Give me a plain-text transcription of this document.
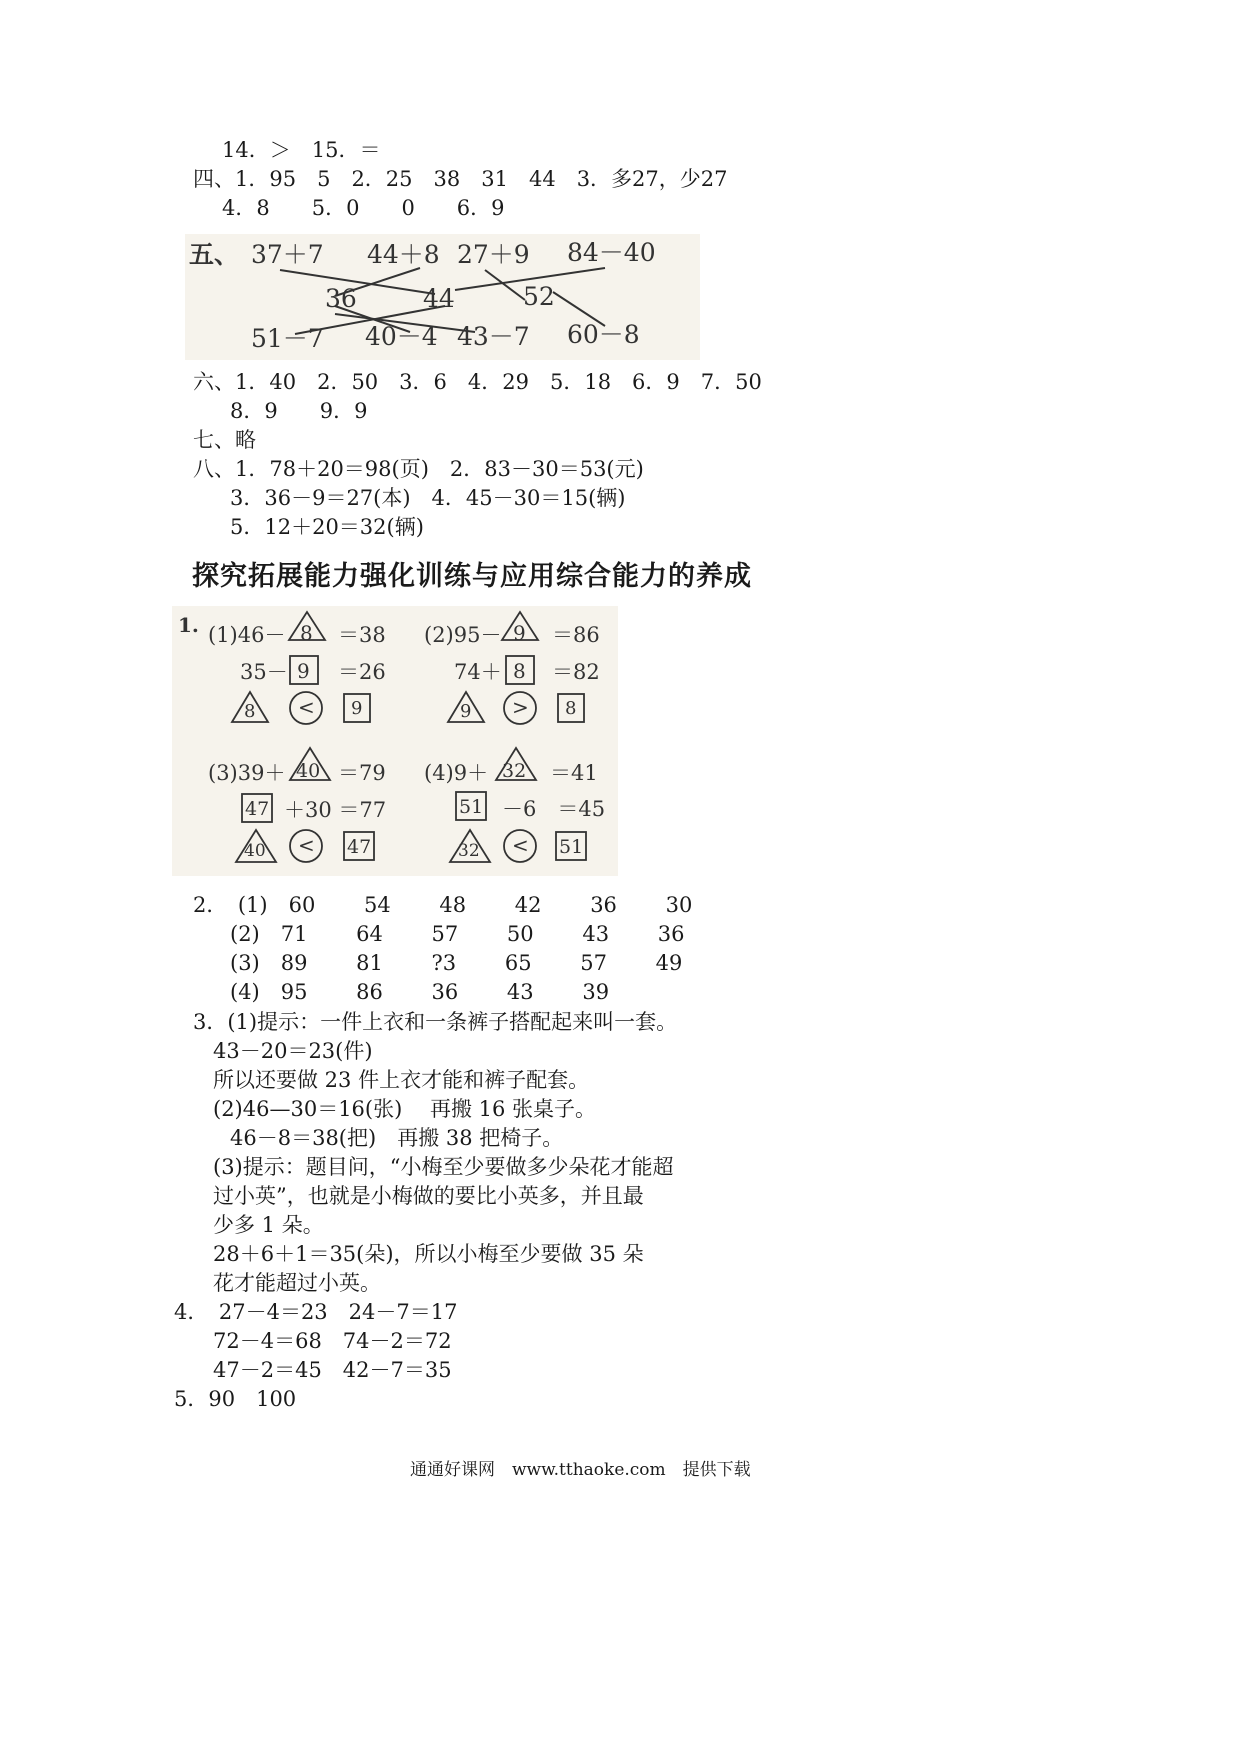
14．＞　15．＝
四、1．95　5　2．25　38　31　44　3．多27，少27
4．8　　5．0　　0　　6．9
五、 37＋7 44＋8 27＋9 84－40
36	44	52
51－7 40－4 43－7 60－8
六、1．40　2．50　3．6　4．29　5．18　6．9　7．50
8．9　　9．9
七、略
八、1．78＋20＝98(页)　2．83－30＝53(元)
3．36－9＝27(本)　4．45－30＝15(辆)
5．12＋20＝32(辆)
探究拓展能力强化训练与应用综合能力的养成
1. (1)46－ 8 ＝38
35－ 9 ＝26
8 < 9
(2)95－ 9 ＝86
74＋ 8 ＝82
9 > 8
(3)39＋ 40 ＝79
47 ＋30 ＝77
40 < 47
(4)9＋ 32 ＝41
51 －6　＝45
32 < 51
2．　(1)　60　　 54　　 48　　 42　　 36　　 30
(2)　71　　 64　　 57　　 50　　 43　　 36
(3)　89　　 81　　 ?3　　 65　　 57　　 49
(4)　95　　 86　　 36　　 43　　 39
3．(1)提示：一件上衣和一条裤子搭配起来叫一套。
43－20＝23(件)
所以还要做 23 件上衣才能和裤子配套。
(2)46—30＝16(张)　 再搬 16 张桌子。
46－8＝38(把)　再搬 38 把椅子。
(3)提示：题目问，“小梅至少要做多少朵花才能超
过小英”，也就是小梅做的要比小英多，并且最
少多 1 朵。
28＋6＋1＝35(朵)，所以小梅至少要做 35 朵
花才能超过小英。
4．　27－4＝23　24－7＝17
72－4＝68　74－2＝72
47－2＝45　42－7＝35
5．90　100
通通好课网　www.tthaoke.com　提供下载
